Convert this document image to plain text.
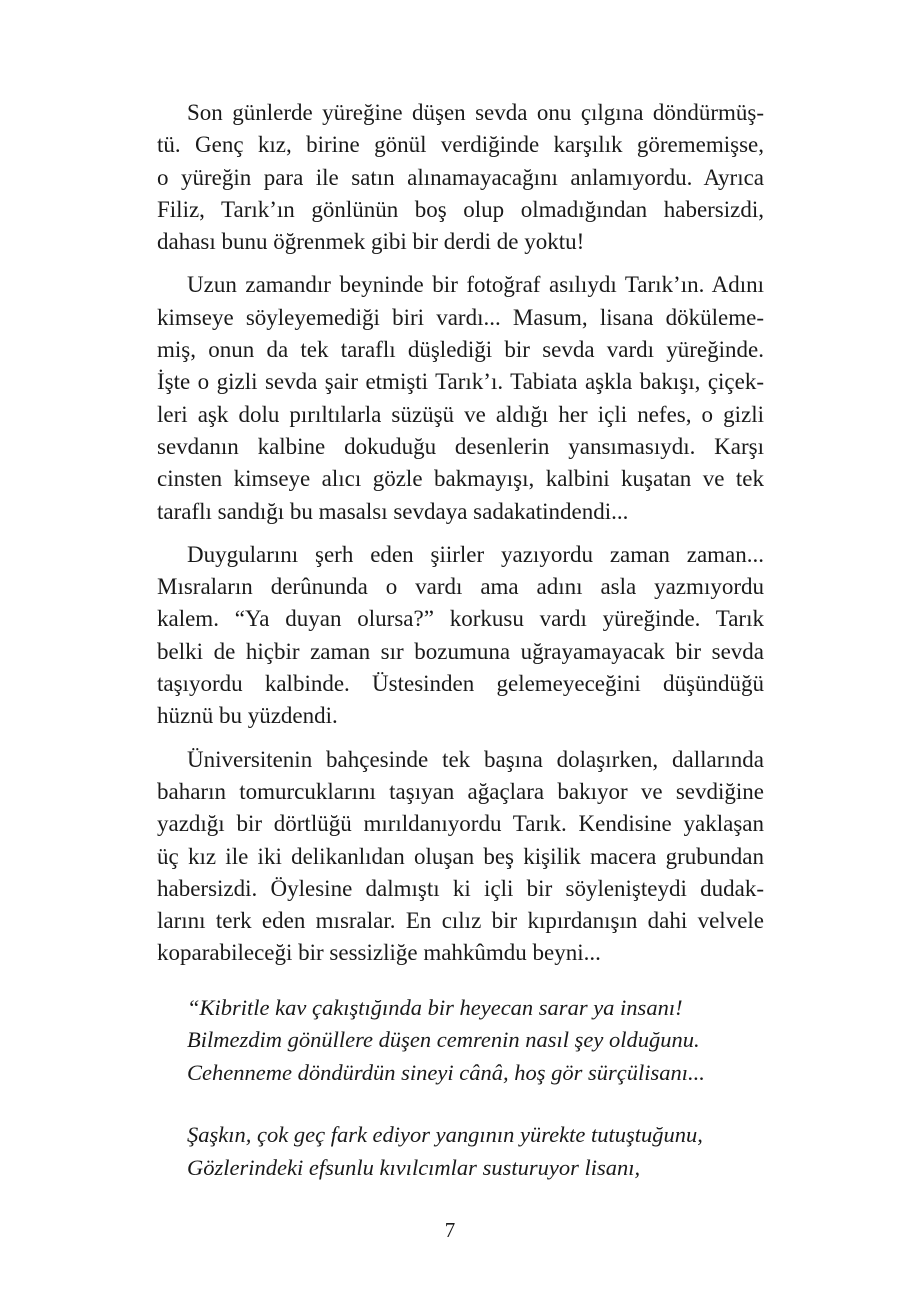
Son günlerde yüreğine düşen sevda onu çılgına döndürmüş-
tü. Genç kız, birine gönül verdiğinde karşılık görememişse,
o yüreğin para ile satın alınamayacağını anlamıyordu. Ayrıca
Filiz, Tarık’ın gönlünün boş olup olmadığından habersizdi,
dahası bunu öğrenmek gibi bir derdi de yoktu!

Uzun zamandır beyninde bir fotoğraf asılıydı Tarık’ın. Adını
kimseye söyleyemediği biri vardı... Masum, lisana döküleme-
miş, onun da tek taraflı düşlediği bir sevda vardı yüreğinde.
İşte o gizli sevda şair etmişti Tarık’ı. Tabiata aşkla bakışı, çiçek-
leri aşk dolu pırıltılarla süzüşü ve aldığı her içli nefes, o gizli
sevdanın kalbine dokuduğu desenlerin yansımasıydı. Karşı
cinsten kimseye alıcı gözle bakmayışı, kalbini kuşatan ve tek
taraflı sandığı bu masalsı sevdaya sadakatindendi...

Duygularını şerh eden şiirler yazıyordu zaman zaman...
Mısraların derûnunda o vardı ama adını asla yazmıyordu
kalem. “Ya duyan olursa?” korkusu vardı yüreğinde. Tarık
belki de hiçbir zaman sır bozumuna uğrayamayacak bir sevda
taşıyordu kalbinde. Üstesinden gelemeyeceğini düşündüğü
hüznü bu yüzdendi.

Üniversitenin bahçesinde tek başına dolaşırken, dallarında
baharın tomurcuklarını taşıyan ağaçlara bakıyor ve sevdiğine
yazdığı bir dörtlüğü mırıldanıyordu Tarık. Kendisine yaklaşan
üç kız ile iki delikanlıdan oluşan beş kişilik macera grubundan
habersizdi. Öylesine dalmıştı ki içli bir söylenişteydi dudak-
larını terk eden mısralar. En cılız bir kıpırdanışın dahi velvele
koparabileceği bir sessizliğe mahkûmdu beyni...

“Kibritle kav çakıştığında bir heyecan sarar ya insanı!
Bilmezdim gönüllere düşen cemrenin nasıl şey olduğunu.
Cehenneme döndürdün sineyi cânâ, hoş gör sürçülisanı...

Şaşkın, çok geç fark ediyor yangının yürekte tutuştuğunu,
Gözlerindeki efsunlu kıvılcımlar susturuyor lisanı,

7
